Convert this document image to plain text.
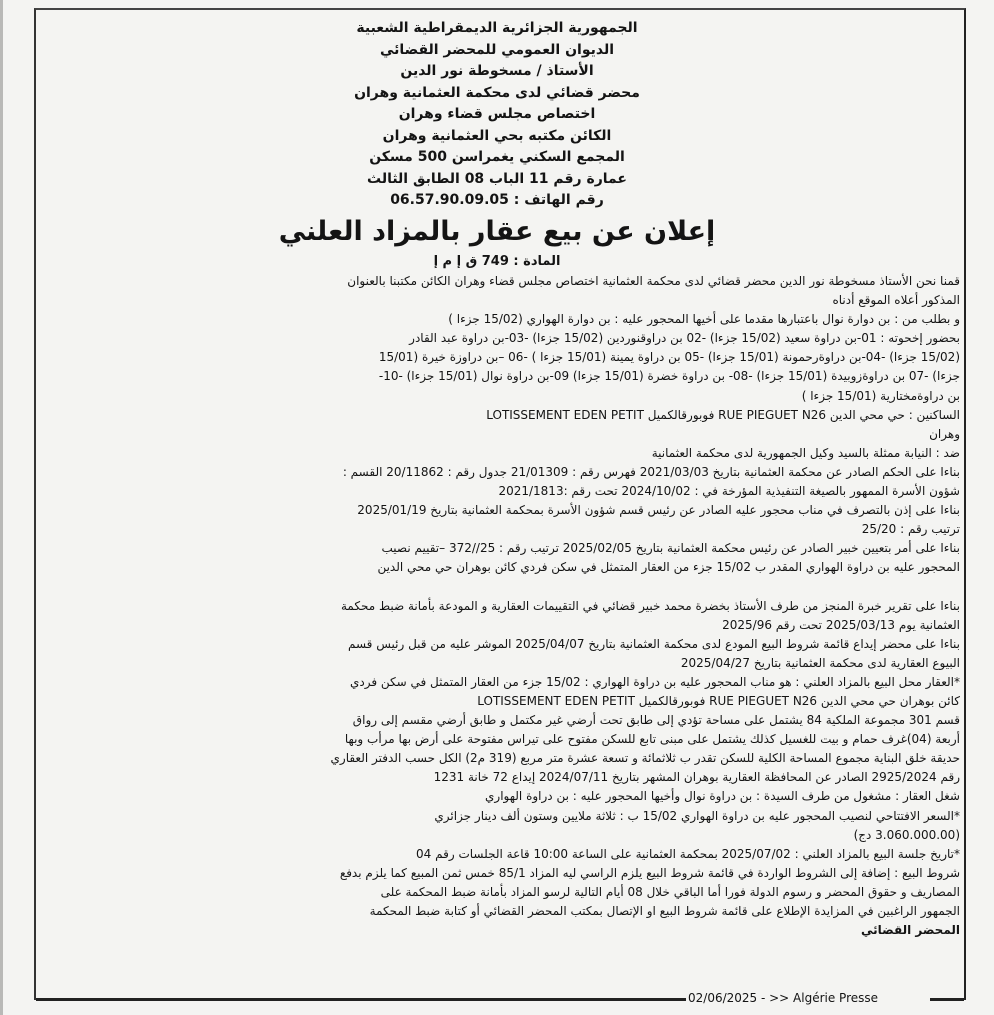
الجمهورية الجزائرية الديمقراطية الشعبية
الديوان العمومي للمحضر القضائي
الأستاذ / مسخوطة نور الدين
محضر قضائي لدى محكمة العثمانية وهران
اختصاص مجلس قضاء وهران
الكائن مكتبه بحي العثمانية وهران
المجمع السكني يغمراسن 500 مسكن
عمارة رقم 11 الباب 08 الطابق الثالث
رقم الهاتف : 06.57.90.09.05
إعلان عن بيع عقار بالمزاد العلني
المادة : 749 ق إ م إ
قمنا نحن الأستاذ مسخوطة نور الدين محضر قضائي لدى محكمة العثمانية اختصاص مجلس قضاء وهران الكائن مكتبنا بالعنوان
المذكور أعلاه الموقع أدناه
و بطلب من : بن دوارة نوال باعتبارها مقدما على أخيها المحجور عليه : بن دوارة الهواري (15/02 جزءا )
بحضور إخحوته : 01-بن دراوة سعيد (15/02 جزءا) -02 بن دراوقنوردين (15/02 جزءا) -03-بن دراوة عبد القادر
(15/02 جزءا) -04-بن دراوةرحمونة (15/01 جزءا) -05 بن دراوة يمينة (15/01 جزءا ) -06 –بن دراوزة خيرة (15/01
جزءا) -07 بن دراوةزوبيدة (15/01 جزءا) -08- بن دراوة خضرة (15/01 جزءا) 09-بن دراوة نوال (15/01 جزءا) -10-
بن دراوةمختارية (15/01 جزءا )
الساكنين : حي محي الدين RUE PIEGUET N26 فوبورقالكميل LOTISSEMENT EDEN PETIT
وهران
ضد : النيابة ممثلة بالسيد وكيل الجمهورية لدى محكمة العثمانية
بناءا على الحكم الصادر عن محكمة العثمانية بتاريخ 2021/03/03 فهرس رقم : 21/01309 جدول رقم : 20/11862 القسم :
شؤون الأسرة الممهور بالصيغة التنفيذية المؤرخة في : 2024/10/02 تحت رقم :2021/1813
بناءا على إذن بالتصرف في مناب محجور عليه الصادر عن رئيس قسم شؤون الأسرة بمحكمة العثمانية بتاريخ 2025/01/19
ترتيب رقم : 25/20
بناءا على أمر بتعيين خبير الصادر عن رئيس محكمة العثمانية بتاريخ 2025/02/05 ترتيب رقم : 25//372 –تقييم نصيب
المحجور عليه بن دراوة الهواري المقدر ب 15/02 جزء من العقار المتمثل في سكن فردي كائن بوهران حي محي الدين
بناءا على تقرير خبرة المنجز من طرف الأستاذ بخضرة محمد خبير قضائي في التقييمات العقارية و المودعة بأمانة ضبط محكمة
العثمانية يوم 2025/03/13 تحت رقم 2025/96
بناءا على محضر إيداع قائمة شروط البيع المودع لدى محكمة العثمانية بتاريخ 2025/04/07 الموشر عليه من قبل رئيس قسم
البيوع العقارية لدى محكمة العثمانية بتاريخ 2025/04/27
*العقار محل البيع بالمزاد العلني : هو مناب المحجور عليه بن دراوة الهواري : 15/02 جزء من العقار المتمثل في سكن فردي
كائن بوهران حي محي الدين RUE PIEGUET N26 فوبورقالكميل LOTISSEMENT EDEN PETIT
قسم 301 مجموعة الملكية 84 يشتمل على مساحة تؤدي إلى طابق تحت أرضي غير مكتمل و طابق أرضي مقسم إلى رواق
أربعة (04)غرف حمام و بيت للغسيل كذلك يشتمل على مبنى تابع للسكن مفتوح على تيراس مفتوحة على أرض بها مرأب وبها
حديقة خلق البناية مجموع المساحة الكلية للسكن تقدر ب ثلاثمائة و تسعة عشرة متر مربع (319 م2) الكل حسب الدفتر العقاري
رقم 2925/2024 الصادر عن المحافظة العقارية بوهران المشهر بتاريخ 2024/07/11 إيداع 72 خانة 1231
شغل العقار : مشغول من طرف السيدة : بن دراوة نوال وأخيها المحجور عليه : بن دراوة الهواري
*السعر الافتتاحي لنصيب المحجور عليه بن دراوة الهواري 15/02 ب : ثلاثة ملايين وستون ألف دينار جزائري
(3.060.000.00 دج)
*تاريخ جلسة البيع بالمزاد العلني : 2025/07/02 بمحكمة العثمانية على الساعة 10:00 قاعة الجلسات رقم 04
شروط البيع : إضافة إلى الشروط الواردة في قائمة شروط البيع يلزم الراسي ليه المزاد 85/1 خمس ثمن المبيع كما يلزم بدفع
المصاريف و حقوق المحضر و رسوم الدولة فورا أما الباقي خلال 08 أيام التالية لرسو المزاد بأمانة ضبط المحكمة على
الجمهور الراغبين في المزايدة الإطلاع على قائمة شروط البيع او الإتصال بمكتب المحضر القضائي أو كتابة ضبط المحكمة
المحضر القضائي
02/06/2025 - >> Algérie Presse
